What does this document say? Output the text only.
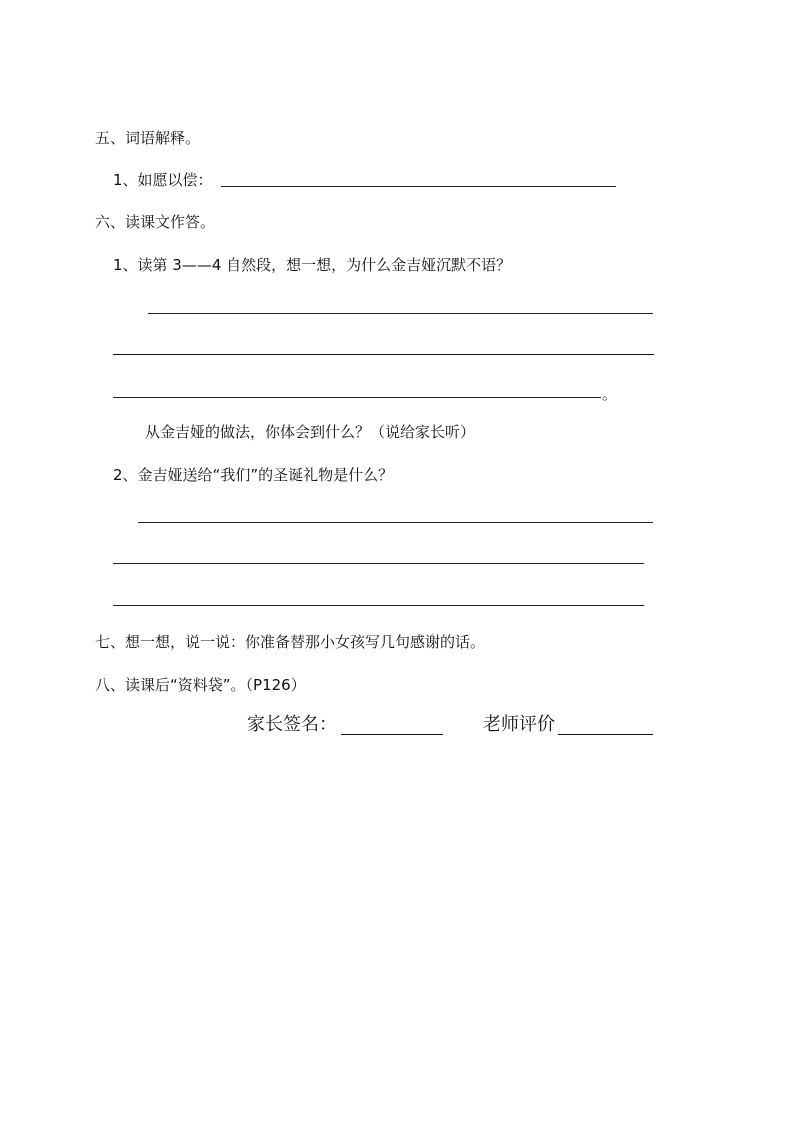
五、词语解释。
1、如愿以偿：
六、读课文作答。
1、读第 3——4 自然段，想一想，为什么金吉娅沉默不语？
。
从金吉娅的做法，你体会到什么？（说给家长听）
2、金吉娅送给“我们”的圣诞礼物是什么？
七、想一想，说一说：你准备替那小女孩写几句感谢的话。
八、读课后“资料袋”。（P126）
家长签名：	老师评价
